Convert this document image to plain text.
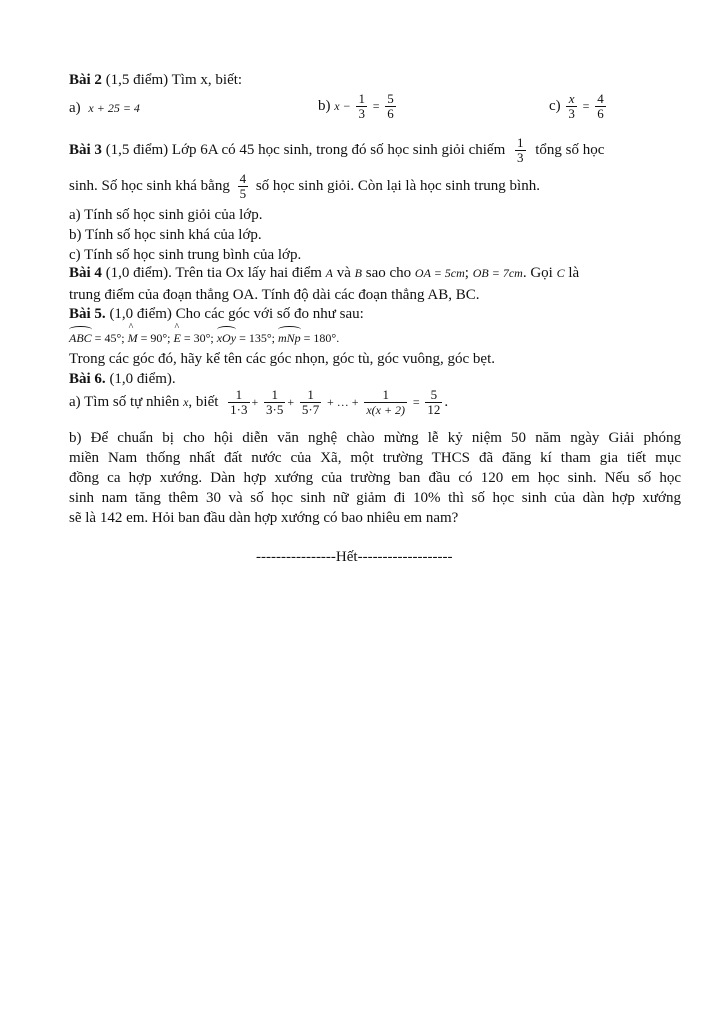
Bài 2 (1,5 điểm) Tìm x, biết:
a) x + 25 = 4	b) $x - \frac{1}{3} = \frac{5}{6}$	$c) \frac{x}{3} = \frac{4}{6}$
Bài 3 (1,5 điểm) Lớp 6A có 45 học sinh, trong đó số học sinh giỏi chiếm $\frac{1}{3}$ tổng số học
sinh. Số học sinh khá bằng $\frac{4}{5}$ số học sinh giỏi. Còn lại là học sinh trung bình.
a) Tính số học sinh giỏi của lớp.
b) Tính số học sinh khá của lớp.
c) Tính số học sinh trung bình của lớp.
Bài 4 (1,0 điểm). Trên tia Ox lấy hai điểm A và B sao cho OA = 5cm; OB = 7cm. Gọi C là
trung điểm của đoạn thẳng OA. Tính độ dài các đoạn thẳng AB, BC.
Bài 5. (1,0 điểm) Cho các góc với số đo như sau:
ABC = 45°; ^ M = 90°; ^ E = 30°; xOy = 135°; mNp = 180°.
Trong các góc đó, hãy kể tên các góc nhọn, góc tù, góc vuông, góc bẹt.
Bài 6. (1,0 điểm).
a) Tìm số tự nhiên x, biết $\frac{1}{1\cdot 3} + \frac{1}{3\cdot 5} + \frac{1}{5\cdot 7}$ + … + $\frac{1}{x(x + 2)} = \frac{5}{12}$ .
b) Để chuẩn bị cho hội diễn văn nghệ chào mừng lễ kỷ niệm 50 năm ngày Giải phóng
miền Nam thống nhất đất nước của Xã, một trường THCS đã đăng kí tham gia tiết mục
đồng ca hợp xướng. Dàn hợp xướng của trường ban đầu có 120 em học sinh. Nếu số học
sinh nam tăng thêm 30 và số học sinh nữ giảm đi 10% thì số học sinh của dàn hợp xướng
sẽ là 142 em. Hỏi ban đầu dàn hợp xướng có bao nhiêu em nam?
----------------Hết-------------------
